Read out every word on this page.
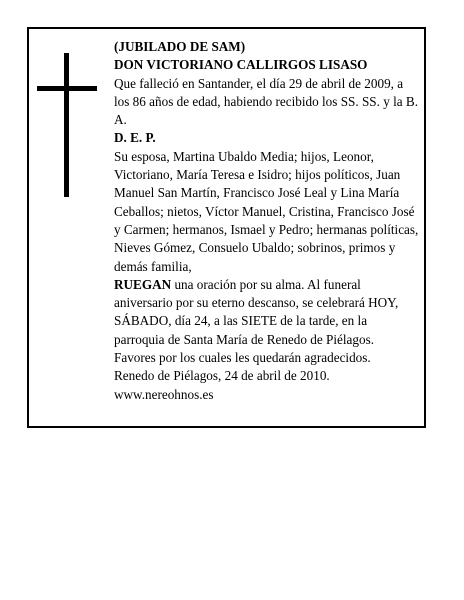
(JUBILADO DE SAM)

DON VICTORIANO CALLIRGOS LISASO

Que falleció en Santander, el día 29 de abril de 2009, a los 86 años de edad, habiendo recibido los SS. SS. y la B. A.

D. E. P.

Su esposa, Martina Ubaldo Media; hijos, Leonor, Victoriano, María Teresa e Isidro; hijos políticos, Juan Manuel San Martín, Francisco José Leal y Lina María Ceballos; nietos, Víctor Manuel, Cristina, Francisco José y Carmen; hermanos, Ismael y Pedro; hermanas políticas, Nieves Gómez, Consuelo Ubaldo; sobrinos, primos y demás familia,

RUEGAN una oración por su alma. Al funeral aniversario por su eterno descanso, se celebrará HOY, SÁBADO, día 24, a las SIETE de la tarde, en la parroquia de Santa María de Renedo de Piélagos. Favores por los cuales les quedarán agradecidos.

Renedo de Piélagos, 24 de abril de 2010.

www.nereohnos.es
